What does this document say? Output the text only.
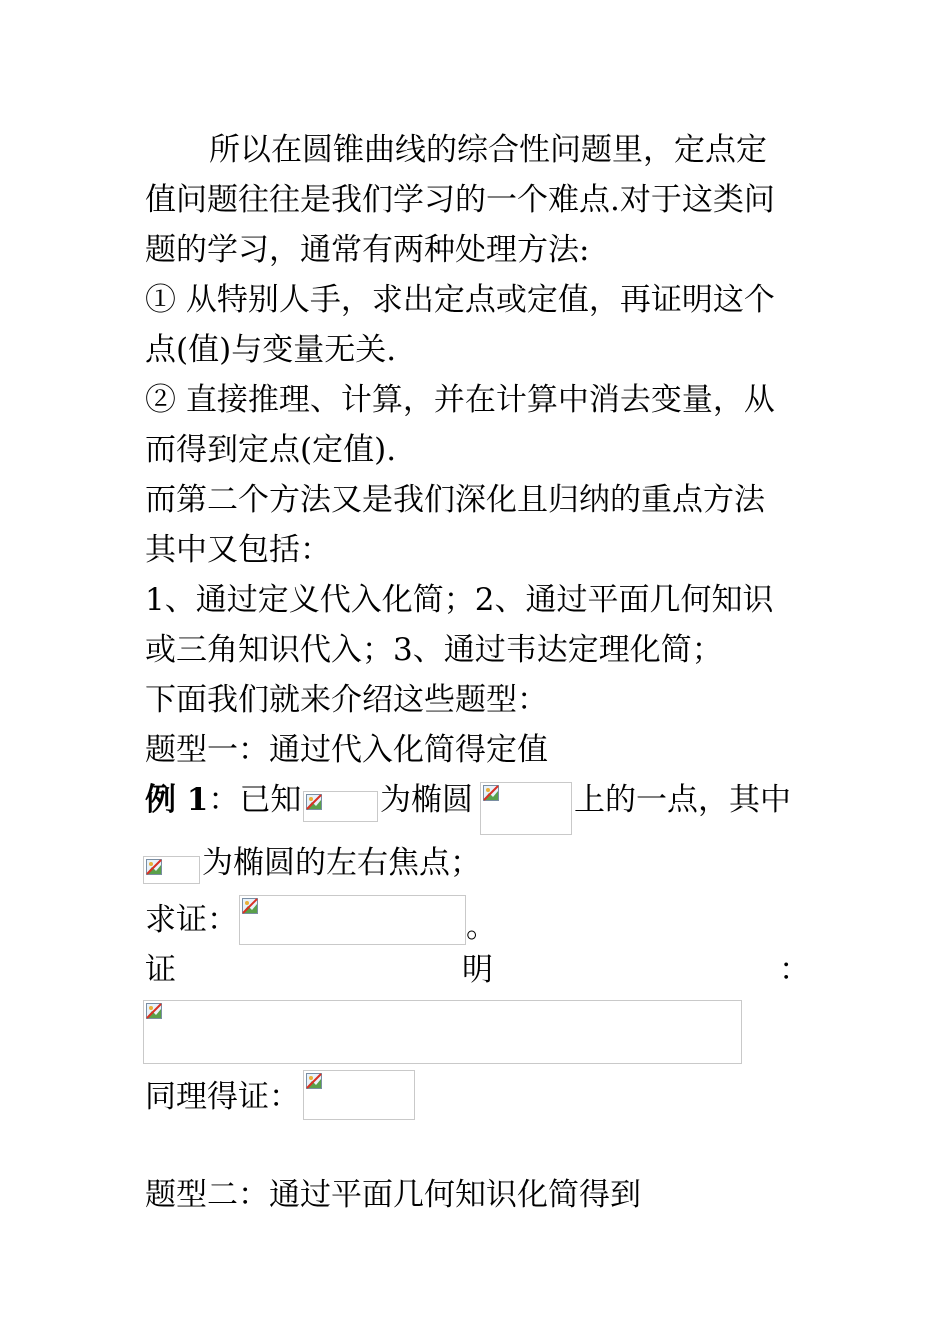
所以在圆锥曲线的综合性问题里，定点定
值问题往往是我们学习的一个难点.对于这类问
题的学习，通常有两种处理方法:
① 从特别人手，求出定点或定值，再证明这个
点(值)与变量无关.
② 直接推理、计算，并在计算中消去变量，从
而得到定点(定值).
而第二个方法又是我们深化且归纳的重点方法
其中又包括：
1、通过定义代入化简；2、通过平面几何知识
或三角知识代入；3、通过韦达定理化简；
下面我们就来介绍这些题型：
题型一：通过代入化简得定值
例 1：已知	为椭圆	上的一点，其中
为椭圆的左右焦点；
求证：	。
证	明	：
同理得证：
题型二：通过平面几何知识化简得到
